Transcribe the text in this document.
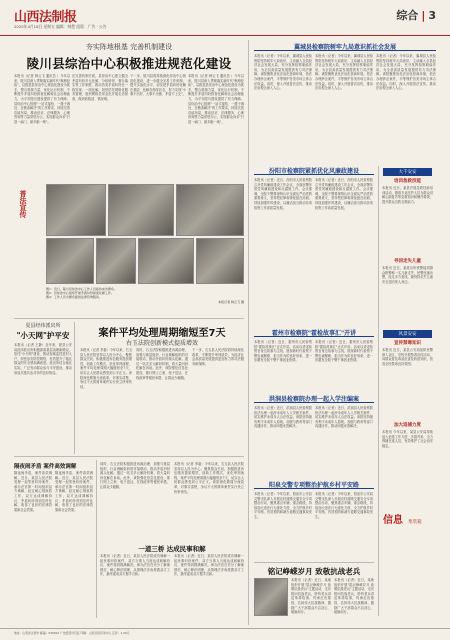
山西法制报
2025年4月18日 星期五 编辑：韩慧 组版：广告 · 公告
综合 | 3
夯实阵地根基 完善机制建设
陵川县综治中心积极推进规范化建设
本报讯（记者 韩云飞 通讯员 ）今年以来，陵川县深入贯彻落实新时代"枫桥经验"，以推进县综治中心规范化建设为抓手，整合资源力量，优化运行机制，不断提升矛盾纠纷排查化解和社会治理能力，为平安陵川建设提供了有力保障。县综治中心按照"一站式接待、一揽子调处、全链条解决"的工作要求，持续完善功能布局，推动信访、法律服务、心理咨询等力量常驻办公，实现群众诉求"只进一扇门、最多跑一地"。
在完善机制方面，县综治中心建立健全矛盾纠纷多元化解、分析研判、督办落实等工作制度，推动各类矛盾纠纷在一线发现、一线化解。同时依托网格化服务管理，组织网格员常态化开展走访排查，做到底数清、情况明。
下一步，陵川县将持续深化综治中心规范化建设，进一步健全完善工作机制，提升实战化水平，切实把矛盾纠纷化解在基层、化解在萌芽状态，努力实现"小事不出村、大事不出镇、矛盾不上交"。
本报讯（记者 韩云飞 通讯员 ）今年以来，陵川县深入贯彻落实新时代"枫桥经验"，以推进县综治中心规范化建设为抓手，整合资源力量，优化运行机制，不断提升矛盾纠纷排查化解和社会治理能力，为平安陵川建设提供了有力保障。县综治中心按照"一站式接待、一揽子调处、全链条解决"的工作要求，持续完善功能布局，推动信访、法律服务、心理咨询等力量常驻办公，实现群众诉求"只进一扇门、最多跑一地"。
普法宣传
图1：近日，陵川县综治中心工作人员接待来访群众。
图2：县综治中心组织开展矛盾纠纷排查化解工作。
图3：工作人员为群众提供法律咨询服务。
本报记者 韩云飞 摄
夏县经纬派出所
"小天网"护平安
本报讯（记者 王静）近年来，夏县公安局经纬派出所积极探索基层治理新路径，依托"小天网"建设，推动视频监控进村入户，织密治安防控网络，有效提升了辖区群众的安全感和满意度。派出所结合辖区实际，广泛发动群众参与平安建设，推动形成共建共治共享的良好格局。
案件平均处理周期缩短至7天
右玉法院创新模式提质增效
本报讯（记者 李嘉）今年以来，右玉县人民法院坚持以人民为中心，聚焦群众关切，积极推进诉讼服务提质增效，创新工作模式，优化审判流程，案件平均处理周期大幅缩短至7天，切实让人民群众感受到公平正义。该院深化繁简分流改革，对事实清楚、争议不大的简单案件实行快立快审快结。
同时，右玉法院积极推进诉源治理，加强与基层组织、行业调解组织的对接联动，推动矛盾纠纷源头化解。通过一站式多元解纷机制，将大量纠纷化解在诉前。此外，该院强化信息化建设，推行网上立案、电子送达、在线庭审等便民举措，让群众少跑腿。
下一步，右玉县人民法院将持续深化改革，不断提升审判质效，为经济社会高质量发展提供更加有力的司法服务和保障。
隔夜闹矛盾 案件高效调解
隔夜闹矛盾，案件高效调解。近日，某县人民法院受理一起邻里纠纷案件，承办法官第一时间组织双方调解，经过耐心细致的工作，双方达成调解协议，矛盾纠纷得到及时化解，取得了良好的法律效果和社会效果。
隔夜闹矛盾，案件高效调解。近日，某县人民法院受理一起邻里纠纷案件，承办法官第一时间组织双方调解，经过耐心细致的工作，双方达成调解协议，矛盾纠纷得到及时化解，取得了良好的法律效果和社会效果。
同时，右玉法院积极推进诉源治理，加强与基层组织、行业调解组织的对接联动，推动矛盾纠纷源头化解。通过一站式多元解纷机制，将大量纠纷化解在诉前。此外，该院强化信息化建设，推行网上立案、电子送达、在线庭审等便民举措，让群众少跑腿。
本报讯（记者 李嘉）今年以来，右玉县人民法院坚持以人民为中心，聚焦群众关切，积极推进诉讼服务提质增效，创新工作模式，优化审判流程，案件平均处理周期大幅缩短至7天，切实让人民群众感受到公平正义。该院深化繁简分流改革，对事实清楚、争议不大的简单案件实行快立快审快结。
一道三桥 达成民事和解
本报讯（记者）近日，某县人民法院成功调解一起民事纠纷案件，双方当事人当庭达成和解协议，案件得到圆满解决。承办法官在充分了解案情后，耐心释法明理，从情理法多角度做双方工作，最终促成双方握手言和。
本报讯（记者）近日，某县人民法院成功调解一起民事纠纷案件，双方当事人当庭达成和解协议，案件得到圆满解决。承办法官在充分了解案情后，耐心释法明理，从情理法多角度做双方工作，最终促成双方握手言和。
翼城县检察院树牢九局意识抓社会发展
本报讯（记者）今年以来，翼城县人民检察院坚持树牢大局意识，主动融入全县经济社会发展大局，充分发挥检察职能作用，为全县高质量发展提供有力司法保障。该院聚焦优化法治化营商环境，依法办理涉企案件，平等保护各类市场主体合法权益。同时，深入开展普法宣传，推动法治观念深入人心。
本报讯（记者）今年以来，翼城县人民检察院坚持树牢大局意识，主动融入全县经济社会发展大局，充分发挥检察职能作用，为全县高质量发展提供有力司法保障。该院聚焦优化法治化营商环境，依法办理涉企案件，平等保护各类市场主体合法权益。同时，深入开展普法宣传，推动法治观念深入人心。
本报讯（记者）今年以来，翼城县人民检察院坚持树牢大局意识，主动融入全县经济社会发展大局，充分发挥检察职能作用，为全县高质量发展提供有力司法保障。该院聚焦优化法治化营商环境，依法办理涉企案件，平等保护各类市场主体合法权益。同时，深入开展普法宣传，推动法治观念深入人心。
汾阳市检察院紧抓优化风廉政建设
本报讯（记者）近日，汾阳市人民检察院召开党风廉政建设工作会议，全面部署年度党风廉政建设和反腐败工作。会议强调，全院干警要深刻认识全面从严治党的重要意义，坚持把纪律和规矩挺在前面，持续加强作风建设，以廉洁担当推动各项检察工作高质量发展。
本报讯（记者）近日，汾阳市人民检察院召开党风廉政建设工作会议，全面部署年度党风廉政建设和反腐败工作。会议强调，全院干警要深刻认识全面从严治党的重要意义，坚持把纪律和规矩挺在前面，持续加强作风建设，以廉洁担当推动各项检察工作高质量发展。
大千安安
培训急救技能
本报讯 近日，某县开展急救技能培训活动，邀请专业医护人员为群众讲解心肺复苏等急救知识和操作要领，提升群众自救互救能力。
寻回走失儿童
本报讯 近日，某派出所民警接到群众报警称一名儿童走失，民警迅速出警，经过多方查找，最终将走失儿童安全送回家人身边。
风景安安
宣传禁毒知识
本报讯 近日，某县公安局组织民警深入社区、学校开展禁毒宣传活动，向群众普及毒品危害及防范知识，营造全民禁毒良好氛围。
加大追捕力度
本报讯 今年以来，某县公安局持续加大追逃工作力度，多措并举，全力缉捕在逃人员，有效维护了社会治安稳定。
信息 集装箱
霍州市检察院"霍检故事汇"开讲
本报讯（记者）近日，霍州市人民检察院"霍检故事汇"正式开讲。活动以讲述检察官身边故事为主线，展现新时代检察干警忠诚履职、担当作为的良好形象，进一步激发全院干警干事创业热情。
本报讯（记者）近日，霍州市人民检察院"霍检故事汇"正式开讲。活动以讲述检察官身边故事为主线，展现新时代检察干警忠诚履职、担当作为的良好形象，进一步激发全院干警干事创业热情。
洪洞县检察院办理一起入学注编案
本报讯（记者）近日，洪洞县人民检察院依法办理一起涉未成年人入学相关案件，切实维护未成年人合法权益。该院坚持最有利于未成年人原则，加强与教育等部门沟通协作，推动问题妥善解决。
本报讯（记者）近日，洪洞县人民检察院依法办理一起涉未成年人入学相关案件，切实维护未成年人合法权益。该院坚持最有利于未成年人原则，加强与教育等部门沟通协作，推动问题妥善解决。
阳泉交警专项整治护航乡村平安路
本报讯（记者）今年以来，阳泉市公安局交警支队深入开展农村道路交通安全专项整治行动，聚焦重点车辆、重点路段，持续加大违法行为查处力度，全力护航乡村平安路，有效预防和减少道路交通事故发生。
本报讯（记者）今年以来，阳泉市公安局交警支队深入开展农村道路交通安全专项整治行动，聚焦重点车辆、重点路段，持续加大违法行为查处力度，全力护航乡村平安路，有效预防和减少道路交通事故发生。
铭记峥嵘岁月 致敬抗战老兵
本报讯（记者）近日，某地组织开展"铭记峥嵘岁月 致敬抗战老兵"主题活动，走访慰问抗战老兵，聆听老兵讲述革命故事，传承红色基因，弘扬伟大抗战精神，激励广大干部群众不忘初心、砥砺前行。
本报讯（记者）近日，某地组织开展"铭记峥嵘岁月 致敬抗战老兵"主题活动，走访慰问抗战老兵，聆听老兵讲述革命故事，传承红色基因，弘扬伟大抗战精神，激励广大干部群众不忘初心、砥砺前行。
地址：山西省太原市 邮编：030001 广告经营许可证 印刷：山西日报印务中心 定价：1.00元
